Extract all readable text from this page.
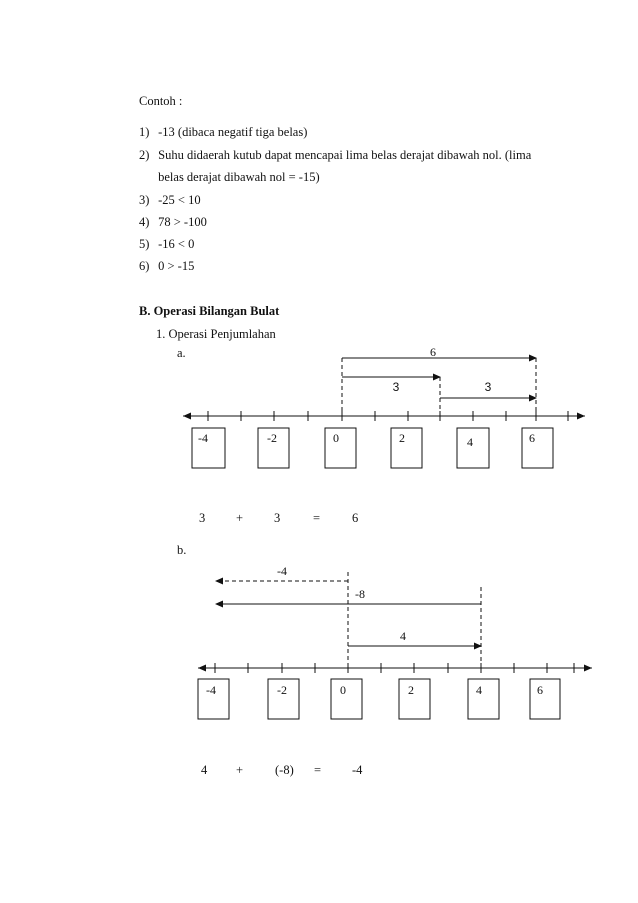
Contoh :
1) -13 (dibaca negatif tiga belas)
2) Suhu didaerah kutub dapat mencapai lima belas derajat dibawah nol. (lima
belas derajat dibawah nol = -15)
3) -25 < 10
4) 78 > -100
5) -16 < 0
6) 0 > -15
B. Operasi Bilangan Bulat
1. Operasi Penjumlahan
a.	6
3	3
-4	-2	0	2	4	6
-4
-8
4
-4	-2	0	2	4	6
3 + 3	=	6
b.
4 +	(-8) = -4
